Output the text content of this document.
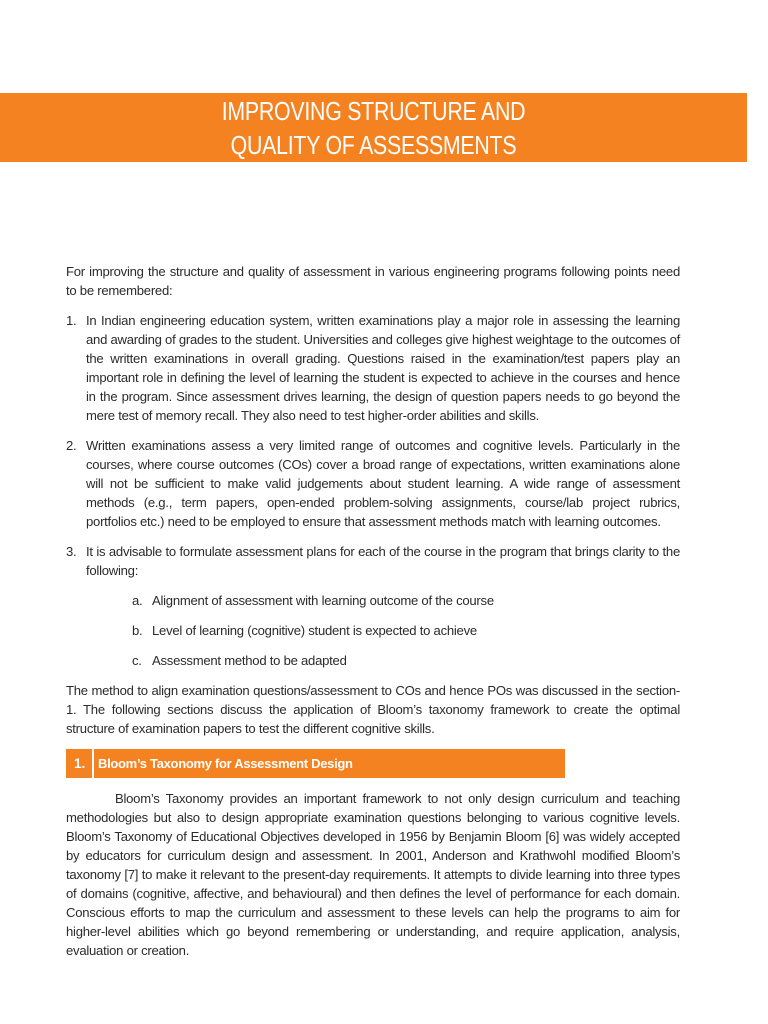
IMPROVING STRUCTURE AND
QUALITY OF ASSESSMENTS

For improving the structure and quality of assessment in various engineering programs following points need to be remembered:

1. In Indian engineering education system, written examinations play a major role in assessing the learning and awarding of grades to the student. Universities and colleges give highest weightage to the outcomes of the written examinations in overall grading. Questions raised in the examination/test papers play an important role in defining the level of learning the student is expected to achieve in the courses and hence in the program. Since assessment drives learning, the design of question papers needs to go beyond the mere test of memory recall. They also need to test higher-order abilities and skills.
2. Written examinations assess a very limited range of outcomes and cognitive levels. Particularly in the courses, where course outcomes (COs) cover a broad range of expectations, written examinations alone will not be sufficient to make valid judgements about student learning. A wide range of assessment methods (e.g., term papers, open-ended problem-solving assignments, course/lab project rubrics, portfolios etc.) need to be employed to ensure that assessment methods match with learning outcomes.
3. It is advisable to formulate assessment plans for each of the course in the program that brings clarity to the following:
a. Alignment of assessment with learning outcome of the course
b. Level of learning (cognitive) student is expected to achieve
c. Assessment method to be adapted

The method to align examination questions/assessment to COs and hence POs was discussed in the section-1. The following sections discuss the application of Bloom’s taxonomy framework to create the optimal structure of examination papers to test the different cognitive skills.

1. Bloom’s Taxonomy for Assessment Design

Bloom’s Taxonomy provides an important framework to not only design curriculum and teaching methodologies but also to design appropriate examination questions belonging to various cognitive levels. Bloom’s Taxonomy of Educational Objectives developed in 1956 by Benjamin Bloom [6] was widely accepted by educators for curriculum design and assessment. In 2001, Anderson and Krathwohl modified Bloom’s taxonomy [7] to make it relevant to the present-day requirements. It attempts to divide learning into three types of domains (cognitive, affective, and behavioural) and then defines the level of performance for each domain. Conscious efforts to map the curriculum and assessment to these levels can help the programs to aim for higher-level abilities which go beyond remembering or understanding, and require application, analysis, evaluation or creation.
